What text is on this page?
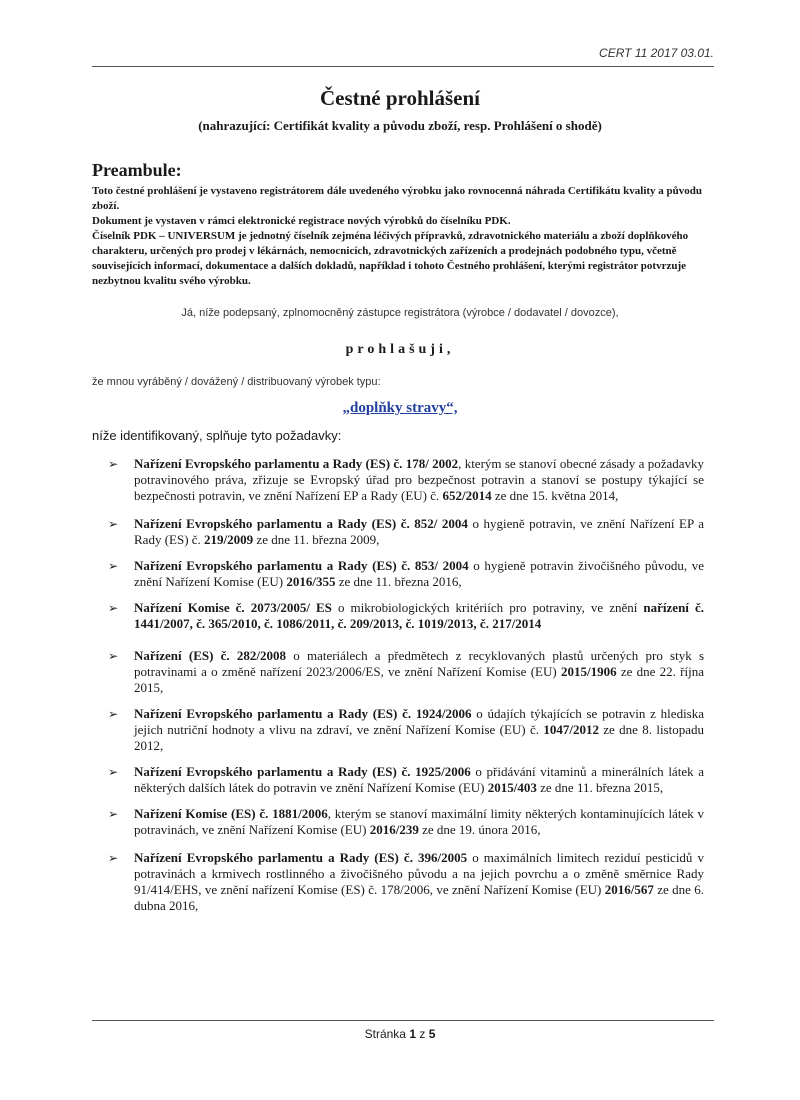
CERT 11 2017 03.01.
Čestné prohlášení
(nahrazující: Certifikát kvality a původu zboží, resp. Prohlášení o shodě)
Preambule:

Toto čestné prohlášení je vystaveno registrátorem dále uvedeného výrobku jako rovnocenná náhrada Certifikátu kvality a původu zboží.

Dokument je vystaven v rámci elektronické registrace nových výrobků do číselníku PDK.

Číselník PDK – UNIVERSUM je jednotný číselník zejména léčivých přípravků, zdravotnického materiálu a zboží doplňkového charakteru, určených pro prodej v lékárnách, nemocnicích, zdravotnických zařízeních a prodejnách podobného typu, včetně souvisejících informací, dokumentace a dalších dokladů, například i tohoto Čestného prohlášení, kterými registrátor potvrzuje nezbytnou kvalitu svého výrobku.

Já, níže podepsaný, zplnomocněný zástupce registrátora (výrobce / dodavatel / dovozce),
prohlašuji,
že mnou vyráběný / dovážený / distribuovaný výrobek typu:
„doplňky stravy“,
níže identifikovaný, splňuje tyto požadavky:
➢ Nařízení Evropského parlamentu a Rady (ES) č. 178/ 2002, kterým se stanoví obecné zásady a požadavky potravinového práva, zřizuje se Evropský úřad pro bezpečnost potravin a stanoví se postupy týkající se bezpečnosti potravin, ve znění Nařízení EP a Rady (EU) č. 652/2014 ze dne 15. května 2014,
➢ Nařízení Evropského parlamentu a Rady (ES) č. 852/ 2004 o hygieně potravin, ve znění Nařízení EP a Rady (ES) č. 219/2009 ze dne 11. března 2009,
➢ Nařízení Evropského parlamentu a Rady (ES) č. 853/ 2004 o hygieně potravin živočišného původu, ve znění Nařízení Komise (EU) 2016/355 ze dne 11. března 2016,
➢ Nařízení Komise č. 2073/2005/ ES o mikrobiologických kritériích pro potraviny, ve znění nařízení č. 1441/2007, č. 365/2010, č. 1086/2011, č. 209/2013, č. 1019/2013, č. 217/2014
➢ Nařízení (ES) č. 282/2008 o materiálech a předmětech z recyklovaných plastů určených pro styk s potravinami a o změně nařízení 2023/2006/ES, ve znění Nařízení Komise (EU) 2015/1906 ze dne 22. října 2015,
➢ Nařízení Evropského parlamentu a Rady (ES) č. 1924/2006 o údajích týkajících se potravin z hlediska jejich nutriční hodnoty a vlivu na zdraví, ve znění Nařízení Komise (EU) č. 1047/2012 ze dne 8. listopadu 2012,
➢ Nařízení Evropského parlamentu a Rady (ES) č. 1925/2006 o přidávání vitaminů a minerálních látek a některých dalších látek do potravin ve znění Nařízení Komise (EU) 2015/403 ze dne 11. března 2015,
➢ Nařízení Komise (ES) č. 1881/2006, kterým se stanoví maximální limity některých kontaminujících látek v potravinách, ve znění Nařízení Komise (EU) 2016/239 ze dne 19. února 2016,
➢ Nařízení Evropského parlamentu a Rady (ES) č. 396/2005 o maximálních limitech reziduí pesticidů v potravinách a krmivech rostlinného a živočišného původu a na jejich povrchu a o změně směrnice Rady 91/414/EHS, ve znění nařízení Komise (ES) č. 178/2006, ve znění Nařízení Komise (EU) 2016/567 ze dne 6. dubna 2016,
Stránka 1 z 5
